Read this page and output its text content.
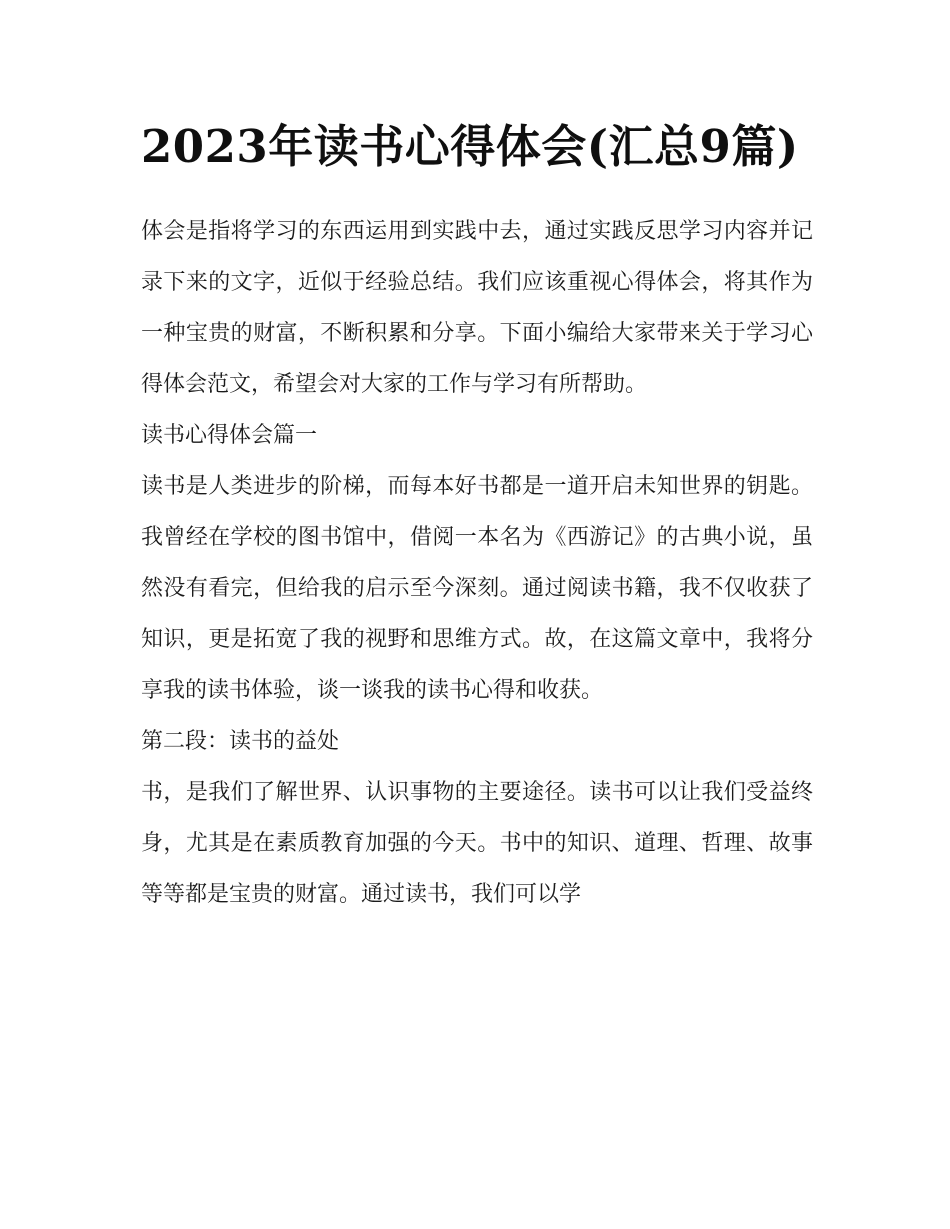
2023年读书心得体会(汇总9篇)

体会是指将学习的东西运用到实践中去，通过实践反思学习内容并记录下来的文字，近似于经验总结。我们应该重视心得体会，将其作为一种宝贵的财富，不断积累和分享。下面小编给大家带来关于学习心得体会范文，希望会对大家的工作与学习有所帮助。

读书心得体会篇一

读书是人类进步的阶梯，而每本好书都是一道开启未知世界的钥匙。我曾经在学校的图书馆中，借阅一本名为《西游记》的古典小说，虽然没有看完，但给我的启示至今深刻。通过阅读书籍，我不仅收获了知识，更是拓宽了我的视野和思维方式。故，在这篇文章中，我将分享我的读书体验，谈一谈我的读书心得和收获。

第二段：读书的益处

书，是我们了解世界、认识事物的主要途径。读书可以让我们受益终身，尤其是在素质教育加强的今天。书中的知识、道理、哲理、故事等等都是宝贵的财富。通过读书，我们可以学
